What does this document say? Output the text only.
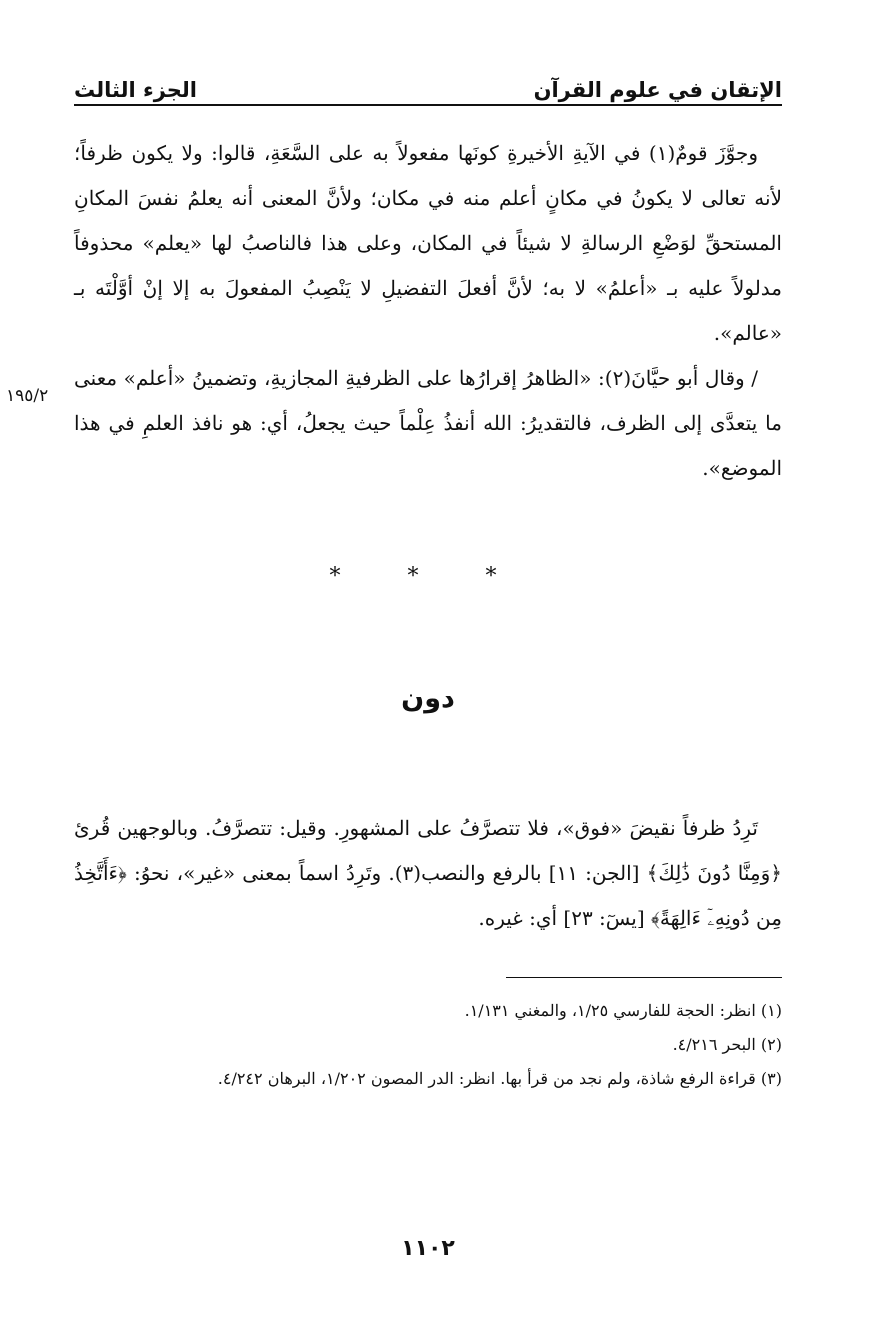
الإتقان في علوم القرآن
الجزء الثالث

وجوَّزَ قومٌ(١) في الآيةِ الأخيرةِ كونَها مفعولاً به على السَّعَةِ، قالوا: ولا يكون ظرفاً؛ لأنه تعالى لا يكونُ في مكانٍ أعلم منه في مكان؛ ولأنَّ المعنى أنه يعلمُ نفسَ المكانِ المستحقِّ لوَضْعِ الرسالةِ لا شيئاً في المكان، وعلى هذا فالناصبُ لها «يعلم» محذوفاً مدلولاً عليه بـ «أعلمُ» لا به؛ لأنَّ أفعلَ التفضيلِ لا يَنْصِبُ المفعولَ به إلا إنْ أوَّلْتَه بـ «عالم».

/ وقال أبو حيَّانَ(٢): «الظاهرُ إقرارُها على الظرفيةِ المجازيةِ، وتضمينُ «أعلم» معنى ما يتعدَّى إلى الظرف، فالتقديرُ: الله أنفذُ عِلْماً حيث يجعلُ، أي: هو نافذ العلمِ في هذا الموضع».

١٩٥/٢
* * *
دون

تَرِدُ ظرفاً نقيضَ «فوق»، فلا تتصرَّفُ على المشهورِ. وقيل: تتصرَّفُ. وبالوجهين قُرئ ﴿وَمِنَّا دُونَ ذَٰلِكَ﴾ [الجن: ١١] بالرفع والنصب(٣). وتَرِدُ اسماً بمعنى «غير»، نحوُ: ﴿ءَأَتَّخِذُ مِن دُونِهِۦٓ ءَالِهَةً﴾ [يسٓ: ٢٣] أي: غيره.

(١) انظر: الحجة للفارسي ١/٢٥، والمغني ١/١٣١.

(٢) البحر ٤/٢١٦.

(٣) قراءة الرفع شاذة، ولم نجد من قرأ بها. انظر: الدر المصون ١/٢٠٢، البرهان ٤/٢٤٢.

١١٠٢
